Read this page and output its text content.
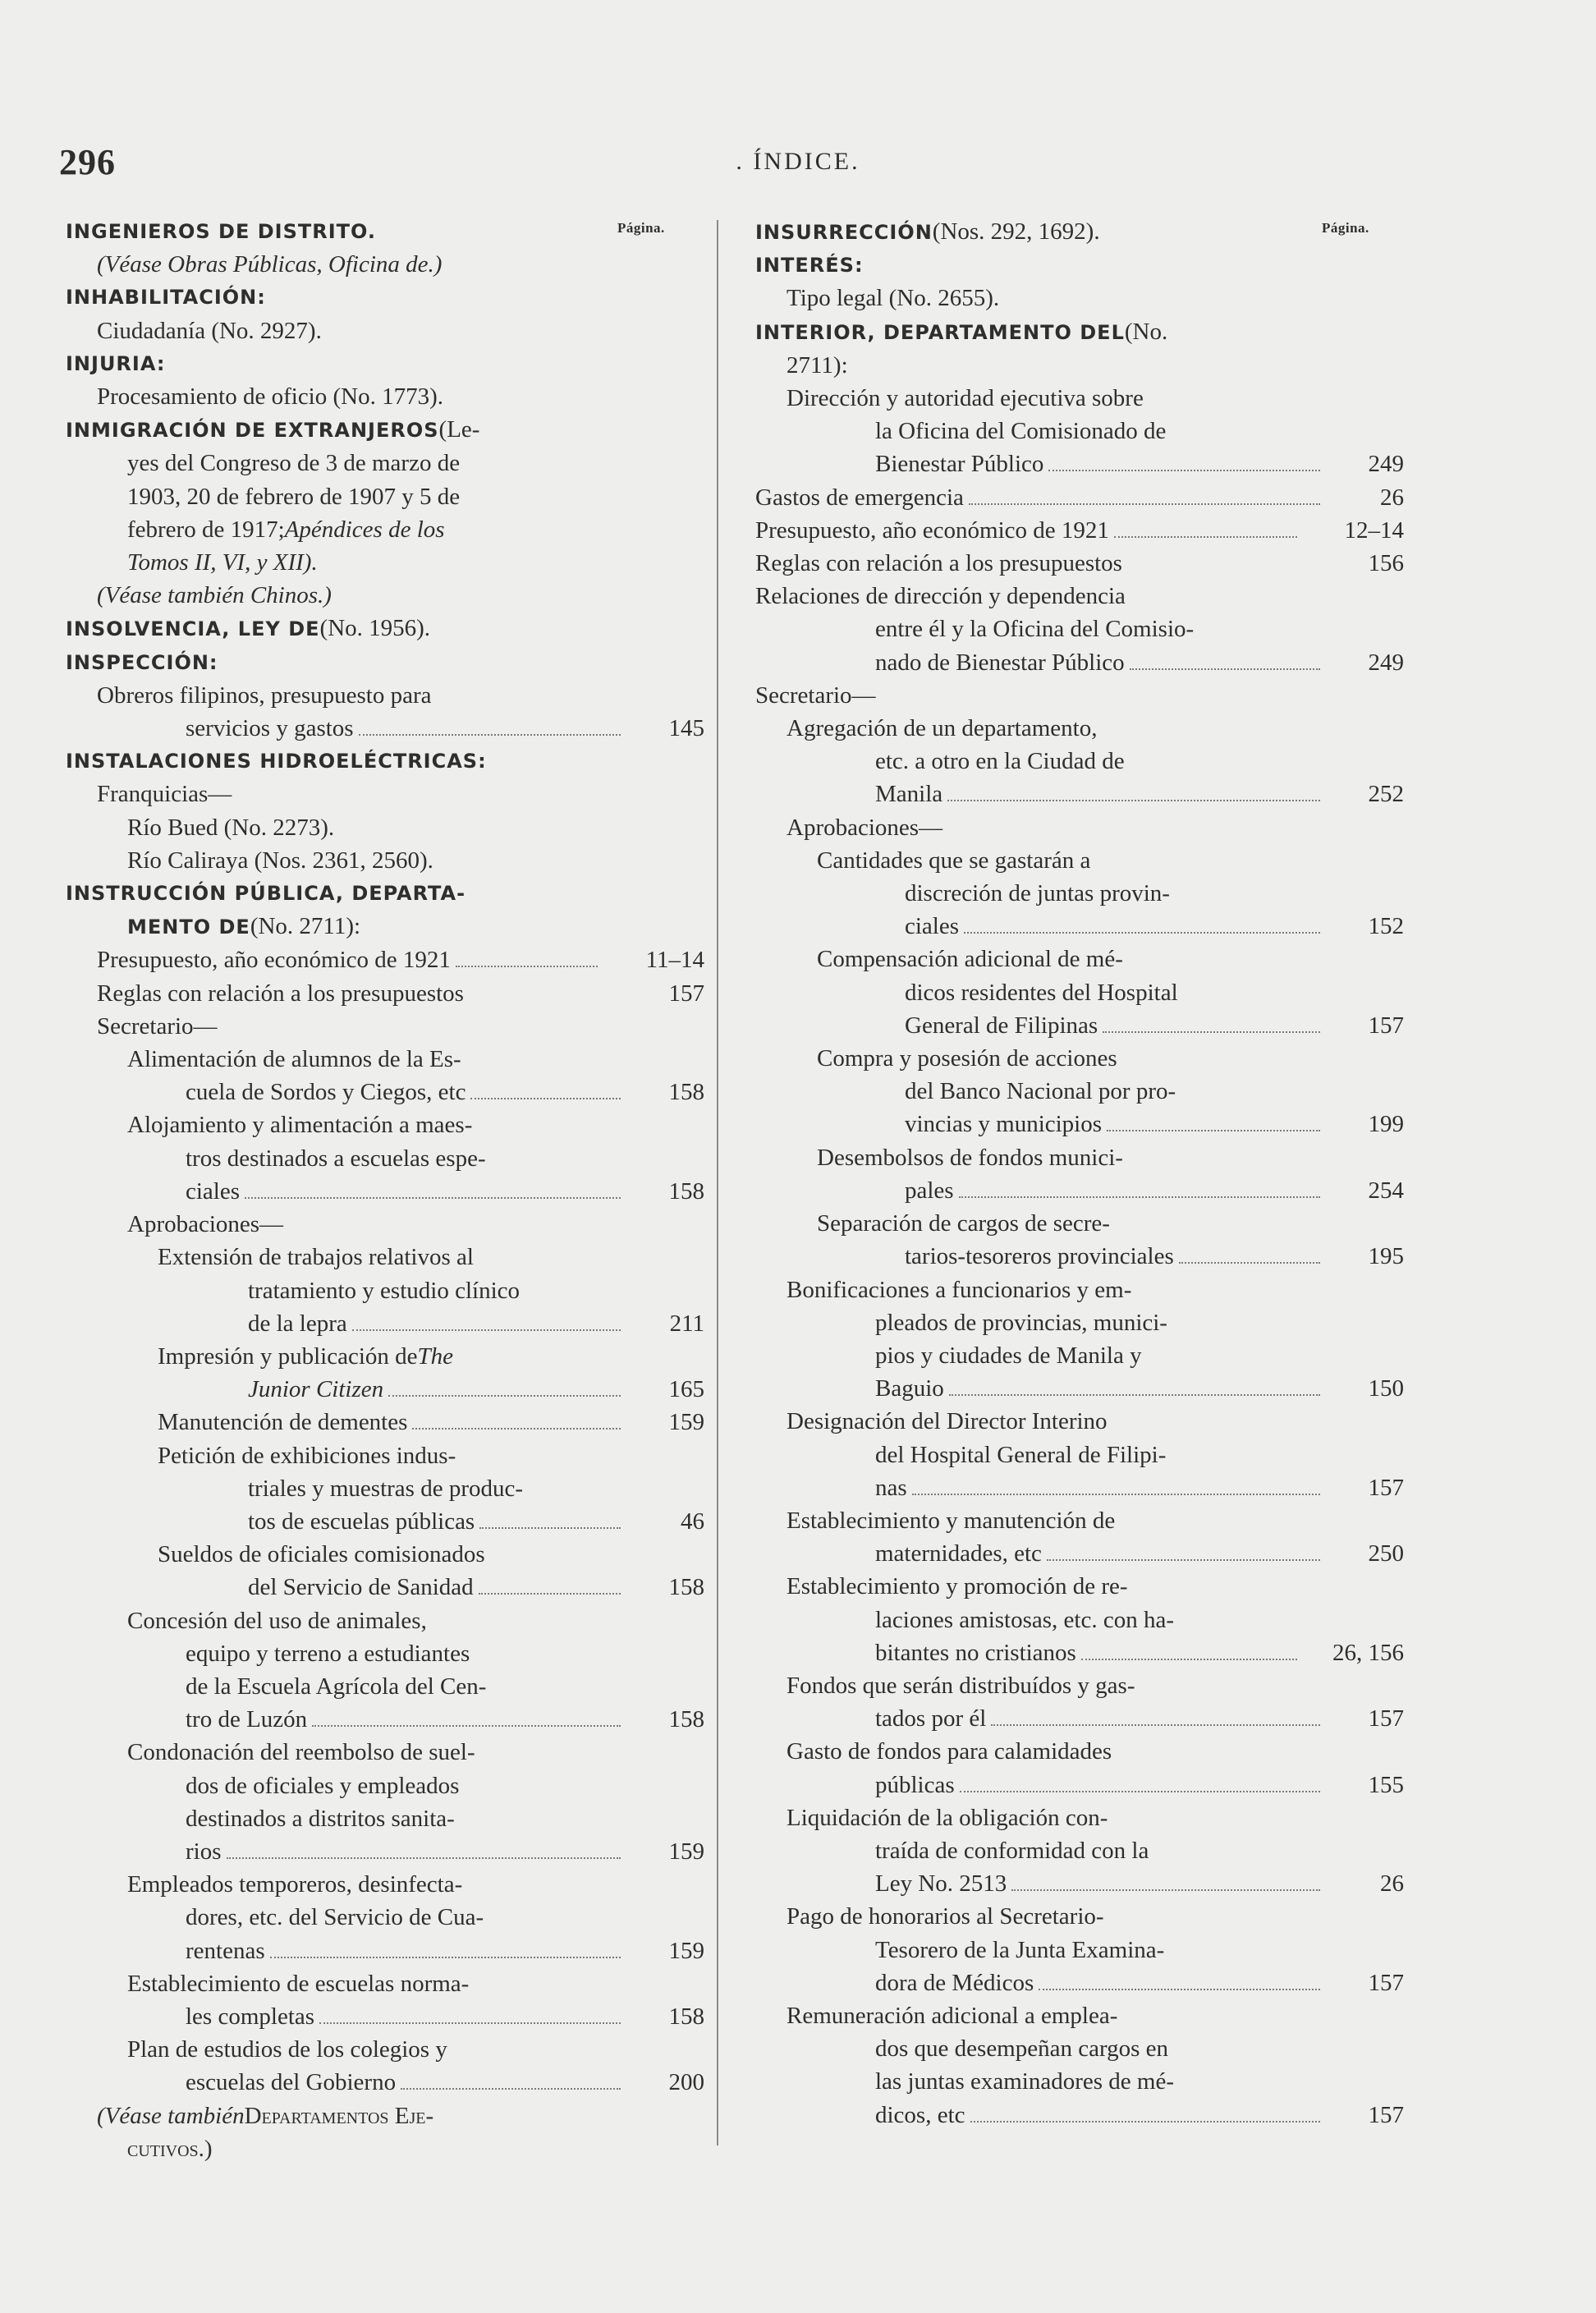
296	. ÍNDICE.
Página.	Página.
INGENIEROS DE DISTRITO.
(Véase Obras Públicas, Oficina de.)
INHABILITACIÓN:
Ciudadanía (No. 2927).
INJURIA:
Procesamiento de oficio (No. 1773).
INMIGRACIÓN DE EXTRANJEROS (Le-
yes del Congreso de 3 de marzo de
1903, 20 de febrero de 1907 y 5 de
febrero de 1917; Apéndices de los
Tomos II, VI, y XII).
(Véase también Chinos.)
INSOLVENCIA, LEY DE (No. 1956).
INSPECCIÓN:
Obreros filipinos, presupuesto para
servicios y gastos	145
INSTALACIONES HIDROELÉCTRICAS:
Franquicias—
Río Bued (No. 2273).
Río Caliraya (Nos. 2361, 2560).
INSTRUCCIÓN PÚBLICA, DEPARTA-
MENTO DE (No. 2711):
Presupuesto, año económico de 1921	11–14
Reglas con relación a los presupuestos	157
Secretario—
Alimentación de alumnos de la Es-
cuela de Sordos y Ciegos, etc	158
Alojamiento y alimentación a maes-
tros destinados a escuelas espe-
ciales	158
Aprobaciones—
Extensión de trabajos relativos al
tratamiento y estudio clínico
de la lepra	211
Impresión y publicación de The
Junior Citizen	165
Manutención de dementes	159
Petición de exhibiciones indus-
triales y muestras de produc-
tos de escuelas públicas	46
Sueldos de oficiales comisionados
del Servicio de Sanidad	158
Concesión del uso de animales,
equipo y terreno a estudiantes
de la Escuela Agrícola del Cen-
tro de Luzón	158
Condonación del reembolso de suel-
dos de oficiales y empleados
destinados a distritos sanita-
rios	159
Empleados temporeros, desinfecta-
dores, etc. del Servicio de Cua-
rentenas	159
Establecimiento de escuelas norma-
les completas	158
Plan de estudios de los colegios y
escuelas del Gobierno	200
(Véase también Departamentos Eje-
cutivos.)
INSURRECCIÓN (Nos. 292, 1692).
INTERÉS:
Tipo legal (No. 2655).
INTERIOR, DEPARTAMENTO DEL (No.
2711):
Dirección y autoridad ejecutiva sobre
la Oficina del Comisionado de
Bienestar Público	249
Gastos de emergencia	26
Presupuesto, año económico de 1921	12–14
Reglas con relación a los presupuestos	156
Relaciones de dirección y dependencia
entre él y la Oficina del Comisio-
nado de Bienestar Público	249
Secretario—
Agregación de un departamento,
etc. a otro en la Ciudad de
Manila	252
Aprobaciones—
Cantidades que se gastarán a
discreción de juntas provin-
ciales	152
Compensación adicional de mé-
dicos residentes del Hospital
General de Filipinas	157
Compra y posesión de acciones
del Banco Nacional por pro-
vincias y municipios	199
Desembolsos de fondos munici-
pales	254
Separación de cargos de secre-
tarios-tesoreros provinciales	195
Bonificaciones a funcionarios y em-
pleados de provincias, munici-
pios y ciudades de Manila y
Baguio	150
Designación del Director Interino
del Hospital General de Filipi-
nas	157
Establecimiento y manutención de
maternidades, etc	250
Establecimiento y promoción de re-
laciones amistosas, etc. con ha-
bitantes no cristianos	26, 156
Fondos que serán distribuídos y gas-
tados por él	157
Gasto de fondos para calamidades
públicas	155
Liquidación de la obligación con-
traída de conformidad con la
Ley No. 2513	26
Pago de honorarios al Secretario-
Tesorero de la Junta Examina-
dora de Médicos	157
Remuneración adicional a emplea-
dos que desempeñan cargos en
las juntas examinadores de mé-
dicos, etc	157
